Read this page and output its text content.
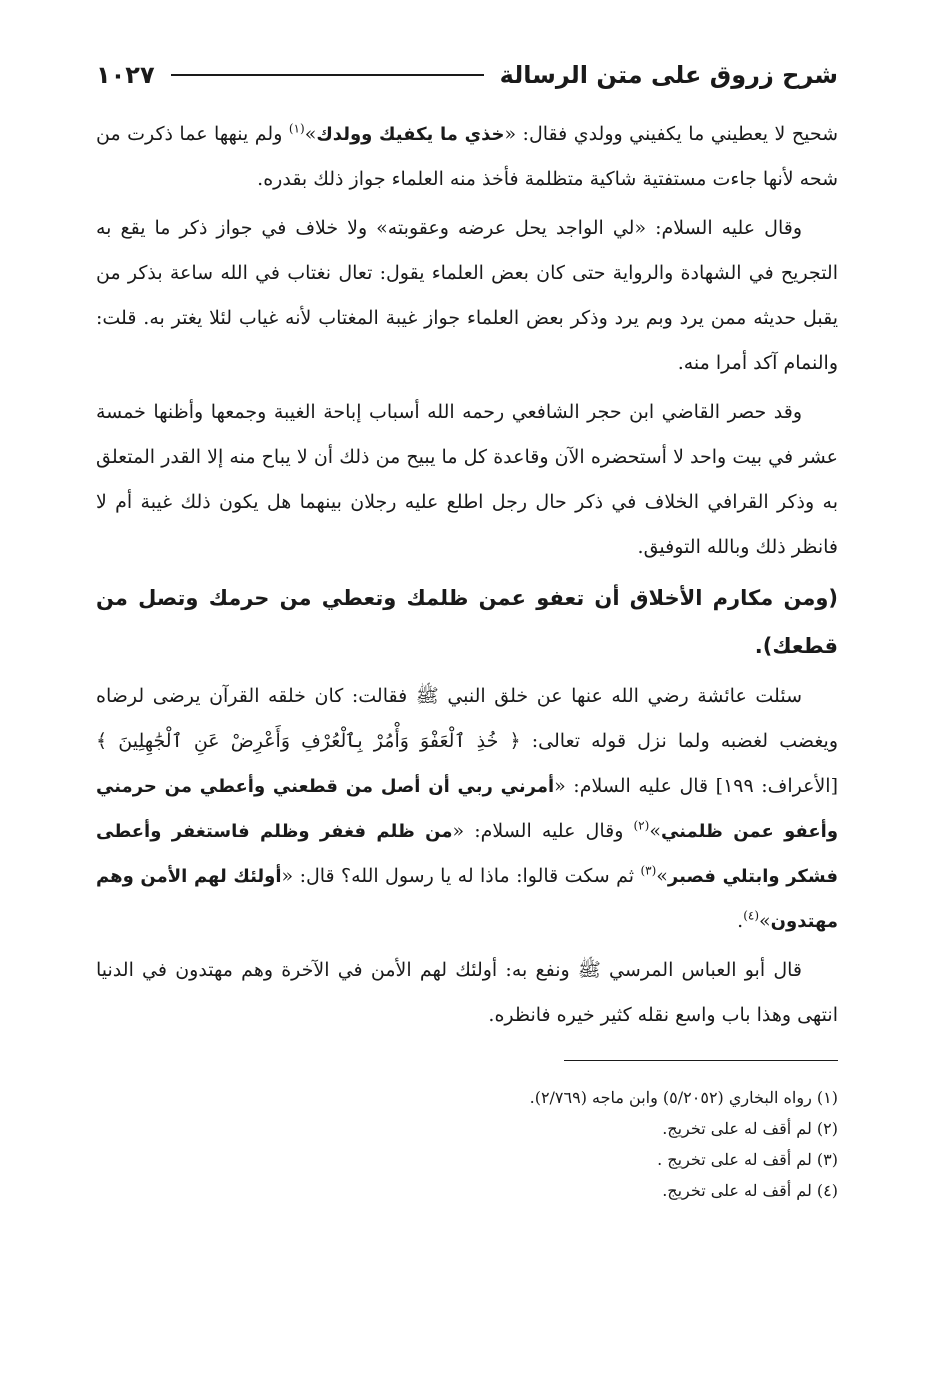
شرح زروق على متن الرسالة
١٠٢٧

شحيح لا يعطيني ما يكفيني وولدي فقال: «خذي ما يكفيك وولدك»$^{(١)}$ ولم ينهها عما ذكرت من شحه لأنها جاءت مستفتية شاكية متظلمة فأخذ منه العلماء جواز ذلك بقدره.

وقال عليه السلام: «لي الواجد يحل عرضه وعقوبته» ولا خلاف في جواز ذكر ما يقع به التجريح في الشهادة والرواية حتى كان بعض العلماء يقول: تعال نغتاب في الله ساعة بذكر من يقبل حديثه ممن يرد وبم يرد وذكر بعض العلماء جواز غيبة المغتاب لأنه غياب لئلا يغتر به. قلت: والنمام آكد أمرا منه.

وقد حصر القاضي ابن حجر الشافعي رحمه الله أسباب إباحة الغيبة وجمعها وأظنها خمسة عشر في بيت واحد لا أستحضره الآن وقاعدة كل ما يبيح من ذلك أن لا يباح منه إلا القدر المتعلق به وذكر القرافي الخلاف في ذكر حال رجل اطلع عليه رجلان بينهما هل يكون ذلك غيبة أم لا فانظر ذلك وبالله التوفيق.

(ومن مكارم الأخلاق أن تعفو عمن ظلمك وتعطي من حرمك وتصل من قطعك).

سئلت عائشة رضي الله عنها عن خلق النبي ﷺ فقالت: كان خلقه القرآن يرضى لرضاه ويغضب لغضبه ولما نزل قوله تعالى: ﴿ خُذِ ٱلْعَفْوَ وَأْمُرْ بِٱلْعُرْفِ وَأَعْرِضْ عَنِ ٱلْجَٰهِلِينَ ﴾ [الأعراف: ١٩٩] قال عليه السلام: «أمرني ربي أن أصل من قطعني وأعطي من حرمني وأعفو عمن ظلمني»$^{(٢)}$ وقال عليه السلام: «من ظلم فغفر وظلم فاستغفر وأعطى فشكر وابتلي فصبر»$^{(٣)}$ ثم سكت قالوا: ماذا له يا رسول الله؟ قال: «أولئك لهم الأمن وهم مهتدون»$^{(٤)}$.

قال أبو العباس المرسي ﷺ ونفع به: أولئك لهم الأمن في الآخرة وهم مهتدون في الدنيا انتهى وهذا باب واسع نقله كثير خيره فانظره.

(١) رواه البخاري (٥/٢٠٥٢) وابن ماجه (٢/٧٦٩).

(٢) لم أقف له على تخريج.

(٣) لم أقف له على تخريج .

(٤) لم أقف له على تخريج.
